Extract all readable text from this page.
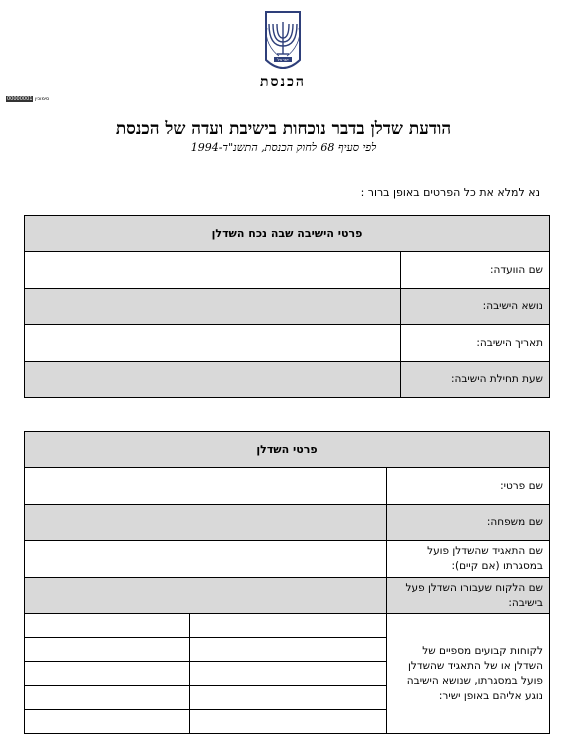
ישראל
הכנסת
00000001 סימוכין
הודעת שדלן בדבר נוכחות בישיבת ועדה של הכנסת
לפי סעיף 68 לחוק הכנסת, התשנ"ד-1994
נא למלא את כל הפרטים באופן ברור :
פרטי הישיבה שבה נכח השדלן	
שם הוועדה:	
נושא הישיבה:	
תאריך הישיבה:	
שעת תחילת הישיבה:	
פרטי השדלן		
שם פרטי:		
שם משפחה:		
שם התאגיד שהשדלן פועל במסגרתו (אם קיים):		
שם הלקוח שעבורו השדלן פעל בישיבה:		
לקוחות קבועים מספיים של השדלן או של התאגיד שהשדלן פועל במסגרתו, שנושא הישיבה נוגע אליהם באופן ישיר:		
